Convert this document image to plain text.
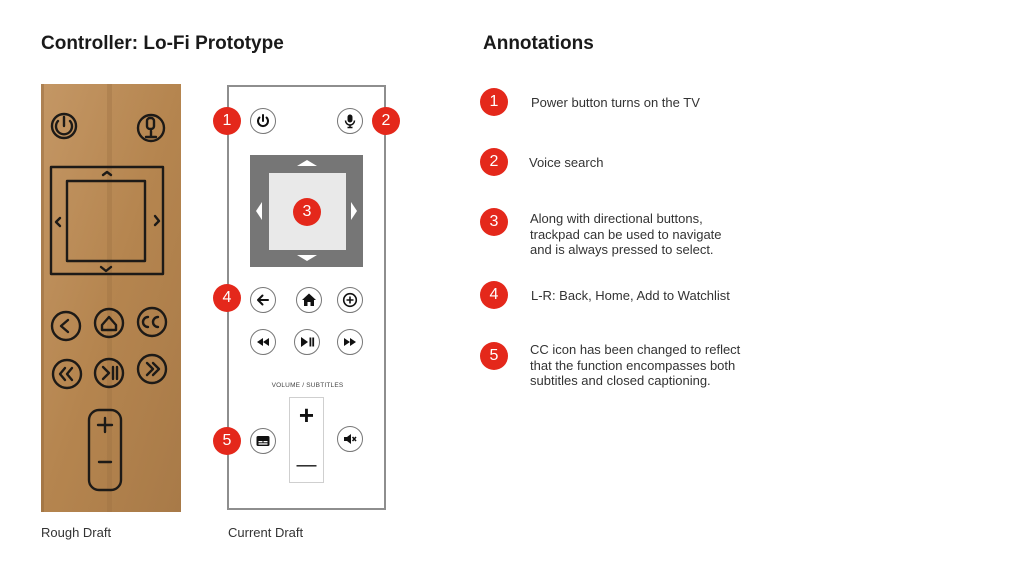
Controller: Lo-Fi Prototype	Annotations
Rough Draft
VOLUME / SUBTITLES
+
—
1	2
3
4
5
Current Draft
1	Power button turns on the TV
2	Voice search
3	Along with directional buttons, trackpad can be used to navigate and is always pressed to select.
4	L-R: Back, Home, Add to Watchlist
5	CC icon has been changed to reflect that the function encompasses both subtitles and closed captioning.
